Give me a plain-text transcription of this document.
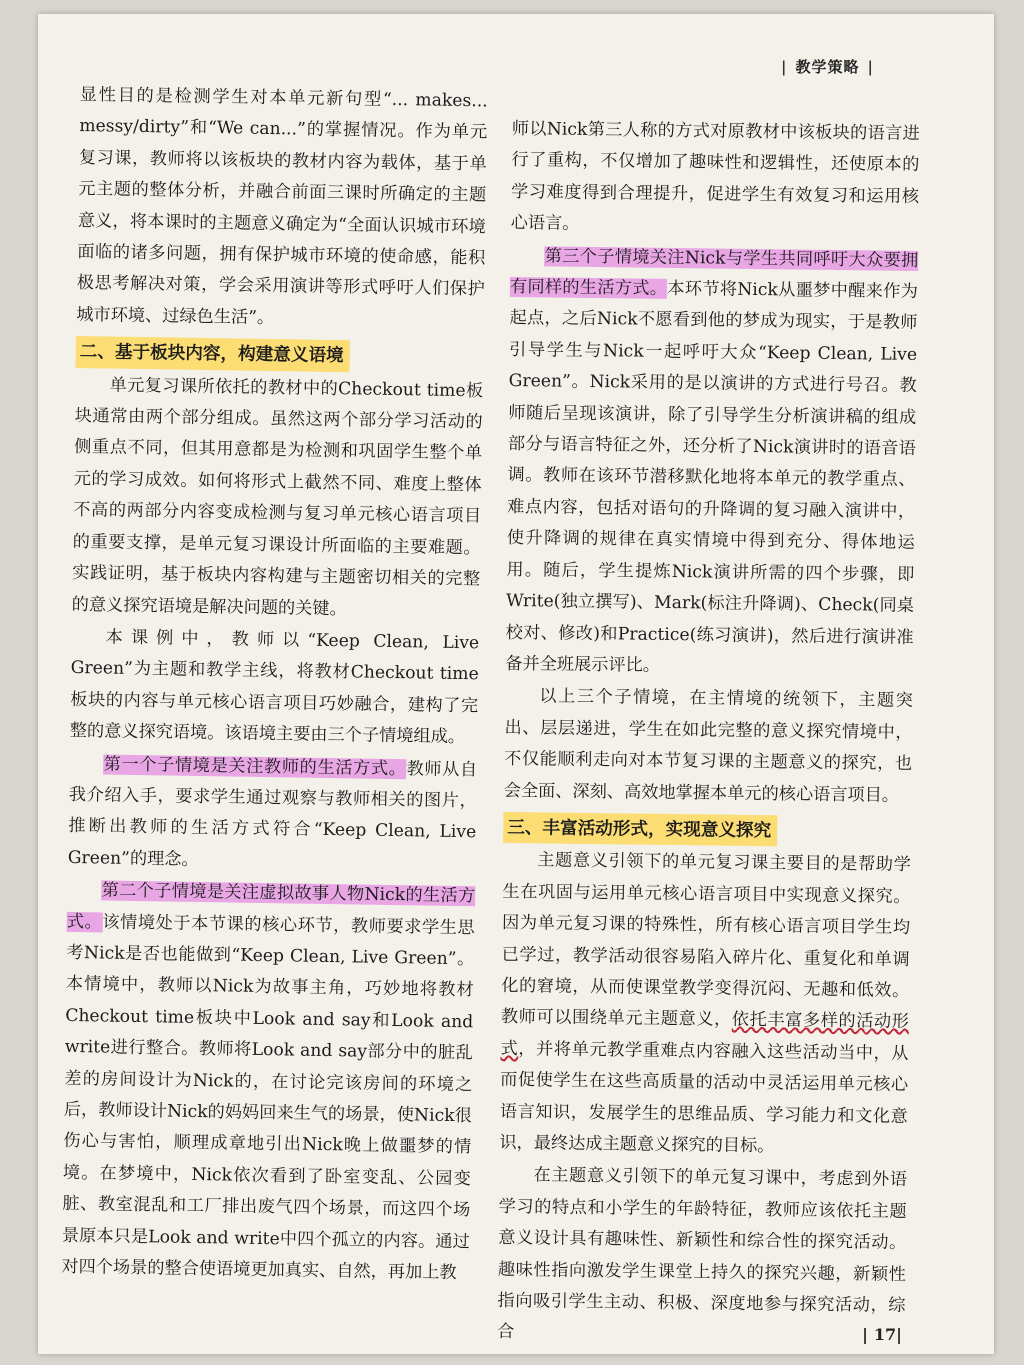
| 教学策略 |

显性目的是检测学生对本单元新句型“... makes... messy/dirty”和“We can...”的掌握情况。作为单元复习课，教师将以该板块的教材内容为载体，基于单元主题的整体分析，并融合前面三课时所确定的主题意义，将本课时的主题意义确定为“全面认识城市环境面临的诸多问题，拥有保护城市环境的使命感，能积极思考解决对策，学会采用演讲等形式呼吁人们保护城市环境、过绿色生活”。

二、基于板块内容，构建意义语境

单元复习课所依托的教材中的Checkout time板块通常由两个部分组成。虽然这两个部分学习活动的侧重点不同，但其用意都是为检测和巩固学生整个单元的学习成效。如何将形式上截然不同、难度上整体不高的两部分内容变成检测与复习单元核心语言项目的重要支撑，是单元复习课设计所面临的主要难题。实践证明，基于板块内容构建与主题密切相关的完整的意义探究语境是解决问题的关键。

本课例中，教师以“Keep Clean, Live Green”为主题和教学主线，将教材Checkout time板块的内容与单元核心语言项目巧妙融合，建构了完整的意义探究语境。该语境主要由三个子情境组成。

第一个子情境是关注教师的生活方式。教师从自我介绍入手，要求学生通过观察与教师相关的图片，推断出教师的生活方式符合“Keep Clean, Live Green”的理念。

第二个子情境是关注虚拟故事人物Nick的生活方式。该情境处于本节课的核心环节，教师要求学生思考Nick是否也能做到“Keep Clean, Live Green”。本情境中，教师以Nick为故事主角，巧妙地将教材Checkout time板块中Look and say和Look and write进行整合。教师将Look and say部分中的脏乱差的房间设计为Nick的，在讨论完该房间的环境之后，教师设计Nick的妈妈回来生气的场景，使Nick很伤心与害怕，顺理成章地引出Nick晚上做噩梦的情境。在梦境中，Nick依次看到了卧室变乱、公园变脏、教室混乱和工厂排出废气四个场景，而这四个场景原本只是Look and write中四个孤立的内容。通过对四个场景的整合使语境更加真实、自然，再加上教

师以Nick第三人称的方式对原教材中该板块的语言进行了重构，不仅增加了趣味性和逻辑性，还使原本的学习难度得到合理提升，促进学生有效复习和运用核心语言。

第三个子情境关注Nick与学生共同呼吁大众要拥有同样的生活方式。本环节将Nick从噩梦中醒来作为起点，之后Nick不愿看到他的梦成为现实，于是教师引导学生与Nick一起呼吁大众“Keep Clean, Live Green”。Nick采用的是以演讲的方式进行号召。教师随后呈现该演讲，除了引导学生分析演讲稿的组成部分与语言特征之外，还分析了Nick演讲时的语音语调。教师在该环节潜移默化地将本单元的教学重点、难点内容，包括对语句的升降调的复习融入演讲中，使升降调的规律在真实情境中得到充分、得体地运用。随后，学生提炼Nick演讲所需的四个步骤，即Write(独立撰写)、Mark(标注升降调)、Check(同桌校对、修改)和Practice(练习演讲)，然后进行演讲准备并全班展示评比。

以上三个子情境，在主情境的统领下，主题突出、层层递进，学生在如此完整的意义探究情境中，不仅能顺利走向对本节复习课的主题意义的探究，也会全面、深刻、高效地掌握本单元的核心语言项目。

三、丰富活动形式，实现意义探究

主题意义引领下的单元复习课主要目的是帮助学生在巩固与运用单元核心语言项目中实现意义探究。因为单元复习课的特殊性，所有核心语言项目学生均已学过，教学活动很容易陷入碎片化、重复化和单调化的窘境，从而使课堂教学变得沉闷、无趣和低效。教师可以围绕单元主题意义，依托丰富多样的活动形式，并将单元教学重难点内容融入这些活动当中，从而促使学生在这些高质量的活动中灵活运用单元核心语言知识，发展学生的思维品质、学习能力和文化意识，最终达成主题意义探究的目标。

在主题意义引领下的单元复习课中，考虑到外语学习的特点和小学生的年龄特征，教师应该依托主题意义设计具有趣味性、新颖性和综合性的探究活动。趣味性指向激发学生课堂上持久的探究兴趣，新颖性指向吸引学生主动、积极、深度地参与探究活动，综合	| 17|
